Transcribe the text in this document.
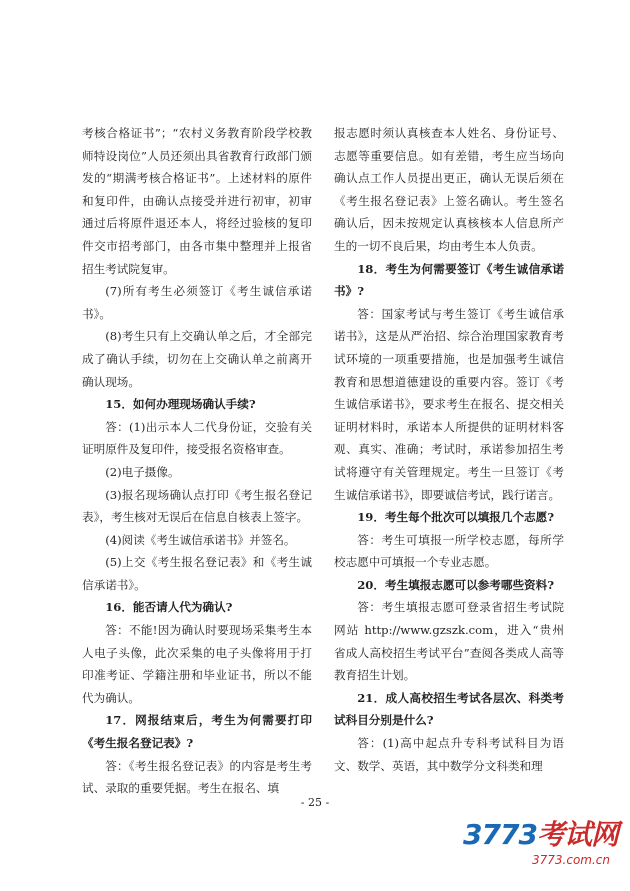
考核合格证书”；“农村义务教育阶段学校教师特设岗位”人员还须出具省教育行政部门颁发的“期满考核合格证书”。上述材料的原件和复印件，由确认点接受并进行初审，初审通过后将原件退还本人，将经过验核的复印件交市招考部门，由各市集中整理并上报省招生考试院复审。

(7)所有考生必须签订《考生诚信承诺书》。

(8)考生只有上交确认单之后，才全部完成了确认手续，切勿在上交确认单之前离开确认现场。

15．如何办理现场确认手续?

答：(1)出示本人二代身份证，交验有关证明原件及复印件，接受报名资格审查。

(2)电子摄像。

(3)报名现场确认点打印《考生报名登记表》，考生核对无误后在信息自核表上签字。

(4)阅读《考生诚信承诺书》并签名。

(5)上交《考生报名登记表》和《考生诚信承诺书》。

16．能否请人代为确认?

答：不能!因为确认时要现场采集考生本人电子头像，此次采集的电子头像将用于打印准考证、学籍注册和毕业证书，所以不能代为确认。

17．网报结束后，考生为何需要打印《考生报名登记表》?

答：《考生报名登记表》的内容是考生考试、录取的重要凭据。考生在报名、填

报志愿时须认真核查本人姓名、身份证号、志愿等重要信息。如有差错，考生应当场向确认点工作人员提出更正，确认无误后须在《考生报名登记表》上签名确认。考生签名确认后，因未按规定认真核核本人信息所产生的一切不良后果，均由考生本人负责。

18．考生为何需要签订《考生诚信承诺书》?

答：国家考试与考生签订《考生诚信承诺书》，这是从严治招、综合治理国家教育考试环境的一项重要措施，也是加强考生诚信教育和思想道德建设的重要内容。签订《考生诚信承诺书》，要求考生在报名、提交相关证明材料时，承诺本人所提供的证明材料客观、真实、准确；考试时，承诺参加招生考试将遵守有关管理规定。考生一旦签订《考生诚信承诺书》，即要诚信考试，践行诺言。

19．考生每个批次可以填报几个志愿?

答：考生可填报一所学校志愿，每所学校志愿中可填报一个专业志愿。

20．考生填报志愿可以参考哪些资料?

答：考生填报志愿可登录省招生考试院网站 http://www.gzszk.com，进入“贵州省成人高校招生考试平台”查阅各类成人高等教育招生计划。

21．成人高校招生考试各层次、科类考试科目分别是什么?

答：(1)高中起点升专科考试科目为语文、数学、英语，其中数学分文科类和理

- 25 -
3773考试网
3773.com.cn
